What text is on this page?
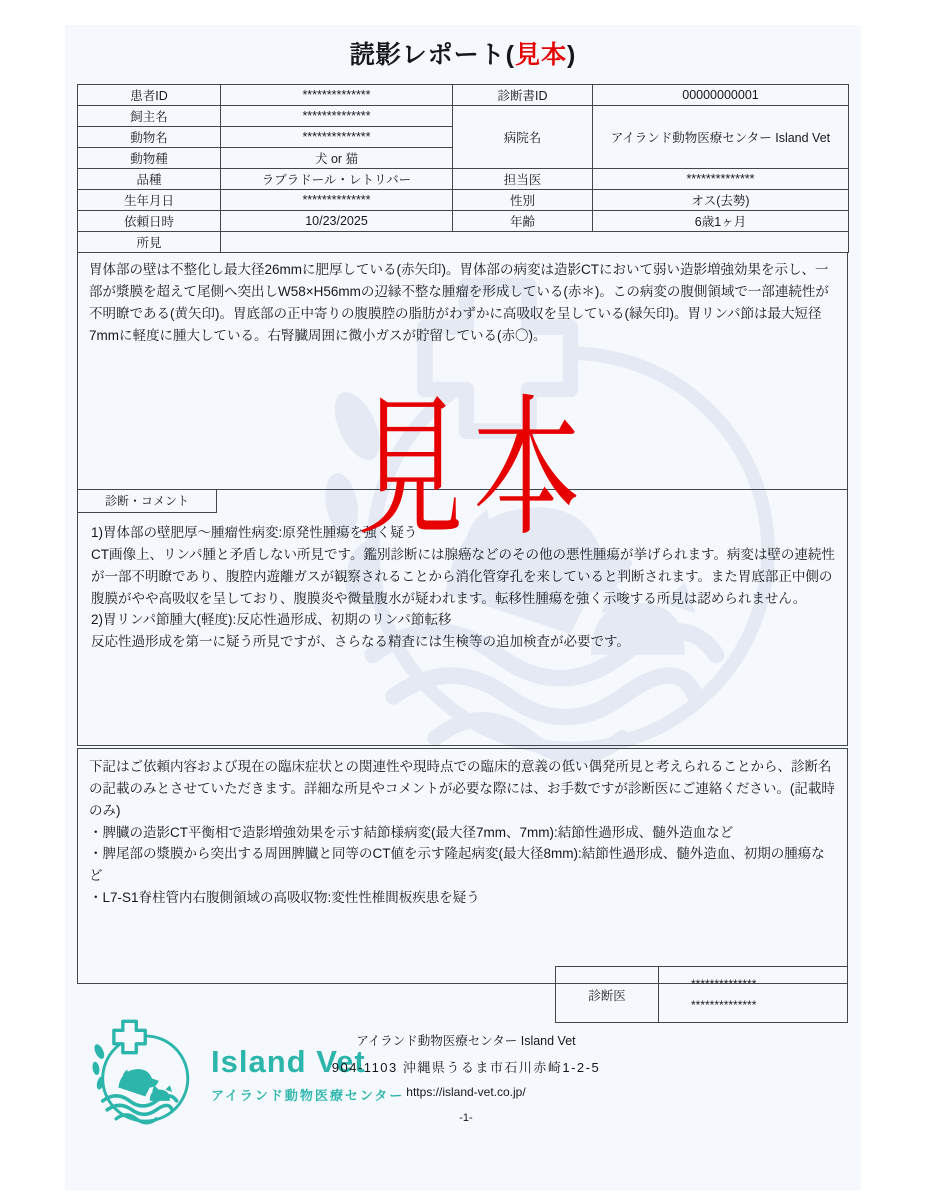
見本
読影レポート(見本)
患者ID	**************	診断書ID	00000000001
飼主名	**************	病院名	アイランド動物医療センター Island Vet
動物名	**************		
動物種	犬 or 猫		
品種	ラブラドール・レトリバー	担当医	**************
生年月日	**************	性別	オス(去勢)
依頼日時	10/23/2025	年齢	6歳1ヶ月
所見			
胃体部の壁は不整化し最大径26mmに肥厚している(赤矢印)。胃体部の病変は造影CTにおいて弱い造影増強効果を示し、一部が漿膜を超えて尾側へ突出しW58×H56mmの辺縁不整な腫瘤を形成している(赤＊)。この病変の腹側領域で一部連続性が不明瞭である(黄矢印)。胃底部の正中寄りの腹膜腔の脂肪がわずかに高吸収を呈している(緑矢印)。胃リンパ節は最大短径7mmに軽度に腫大している。右腎臓周囲に微小ガスが貯留している(赤〇)。
診断・コメント

1)胃体部の壁肥厚～腫瘤性病変:原発性腫瘍を強く疑う

CT画像上、リンパ腫と矛盾しない所見です。鑑別診断には腺癌などのその他の悪性腫瘍が挙げられます。病変は壁の連続性が一部不明瞭であり、腹腔内遊離ガスが観察されることから消化管穿孔を来していると判断されます。また胃底部正中側の腹膜がやや高吸収を呈しており、腹膜炎や微量腹水が疑われます。転移性腫瘍を強く示唆する所見は認められません。

2)胃リンパ節腫大(軽度):反応性過形成、初期のリンパ節転移

反応性過形成を第一に疑う所見ですが、さらなる精査には生検等の追加検査が必要です。

下記はご依頼内容および現在の臨床症状との関連性や現時点での臨床的意義の低い偶発所見と考えられることから、診断名の記載のみとさせていただきます。詳細な所見やコメントが必要な際には、お手数ですが診断医にご連絡ください。(記載時のみ)

・脾臓の造影CT平衡相で造影増強効果を示す結節様病変(最大径7mm、7mm):結節性過形成、髄外造血など

・脾尾部の漿膜から突出する周囲脾臓と同等のCT値を示す隆起病変(最大径8mm):結節性過形成、髄外造血、初期の腫瘍など

・L7-S1脊柱管内右腹側領域の高吸収物:変性性椎間板疾患を疑う

診断医	
**************
**************
Island Vet
アイランド動物医療センター
アイランド動物医療センター Island Vet
904-1103 沖縄県うるま市石川赤崎1-2-5
https://island-vet.co.jp/
-1-
